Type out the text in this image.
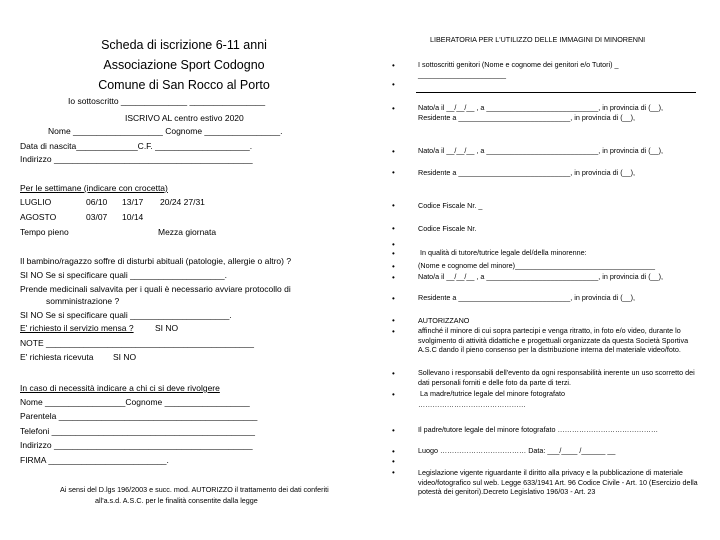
Scheda di iscrizione 6-11 anni
Associazione Sport Codogno
Comune di San Rocco al Porto
Io sottoscritto ______________ ________________
ISCRIVO AL centro estivo 2020
Nome ___________________ Cognome ________________.
Data di nascita_____________C.F. ____________________.
Indirizzo __________________________________________
Per le settimane (indicare con crocetta)
LUGLIO	06/10 13/17 20/24 27/31
AGOSTO	03/07 10/14
Tempo pieno	Mezza giornata
Il bambino/ragazzo soffre di disturbi abituali (patologie, allergie o altro) ?
SI NO Se si specificare quali ____________________.
Prende medicinali salvavita per i quali è necessario avviare protocollo di
somministrazione ?
SI NO Se si specificare quali _____________________.
E' richiesto il servizio mensa ?	SI NO
NOTE ____________________________________________
E' richiesta ricevuta SI NO
In caso di necessità indicare a chi ci si deve rivolgere
Nome _________________Cognome __________________
Parentela __________________________________________
Telefoni ___________________________________________
Indirizzo __________________________________________
FIRMA _________________________.
Ai sensi del D.lgs 196/2003 e succ. mod. AUTORIZZO il trattamento dei dati conferiti
all'a.s.d. A.S.C. per le finalità consentite dalla legge
LIBERATORIA PER L'UTILIZZO DELLE IMMAGINI DI MINORENNI
•	I sottoscritti genitori (Nome e cognome dei genitori e/o Tutori) _
______________________
•
•	Nato/a il __/__/__ , a ____________________________, in provincia di (__), Residente a ____________________________, in provincia di (__),
•	Nato/a il __/__/__ , a ____________________________, in provincia di (__),
•	Residente a ____________________________, in provincia di (__),
•	Codice Fiscale Nr. _
•	Codice Fiscale Nr.
•
•	In qualità di tutore/tutrice legale del/della minorenne:
•	(Nome e cognome del minore)___________________________________
•	Nato/a il __/__/__ , a ____________________________, in provincia di (__),
•	Residente a ____________________________, in provincia di (__),
•	AUTORIZZANO
•	affinché il minore di cui sopra partecipi e venga ritratto, in foto e/o video, durante lo svolgimento di attività didattiche e progettuali organizzate da questa Società Sportiva A.S.C dando il pieno consenso per la distribuzione interna del materiale video/foto.
•	Sollevano i responsabili dell'evento da ogni responsabilità inerente un uso scorretto dei dati personali forniti e delle foto da parte di terzi.
•	La madre/tutrice legale del minore fotografato
………………………………………
•	Il padre/tutore legale del minore fotografato ……………………………………
•	Luogo ……………………………… Data: ___/____ /______ __
•
•	Legislazione vigente riguardante il diritto alla privacy e la pubblicazione di materiale video/fotografico sul web. Legge 633/1941 Art. 96 Codice Civile - Art. 10 (Esercizio della potestà dei genitori).Decreto Legislativo 196/03 - Art. 23
